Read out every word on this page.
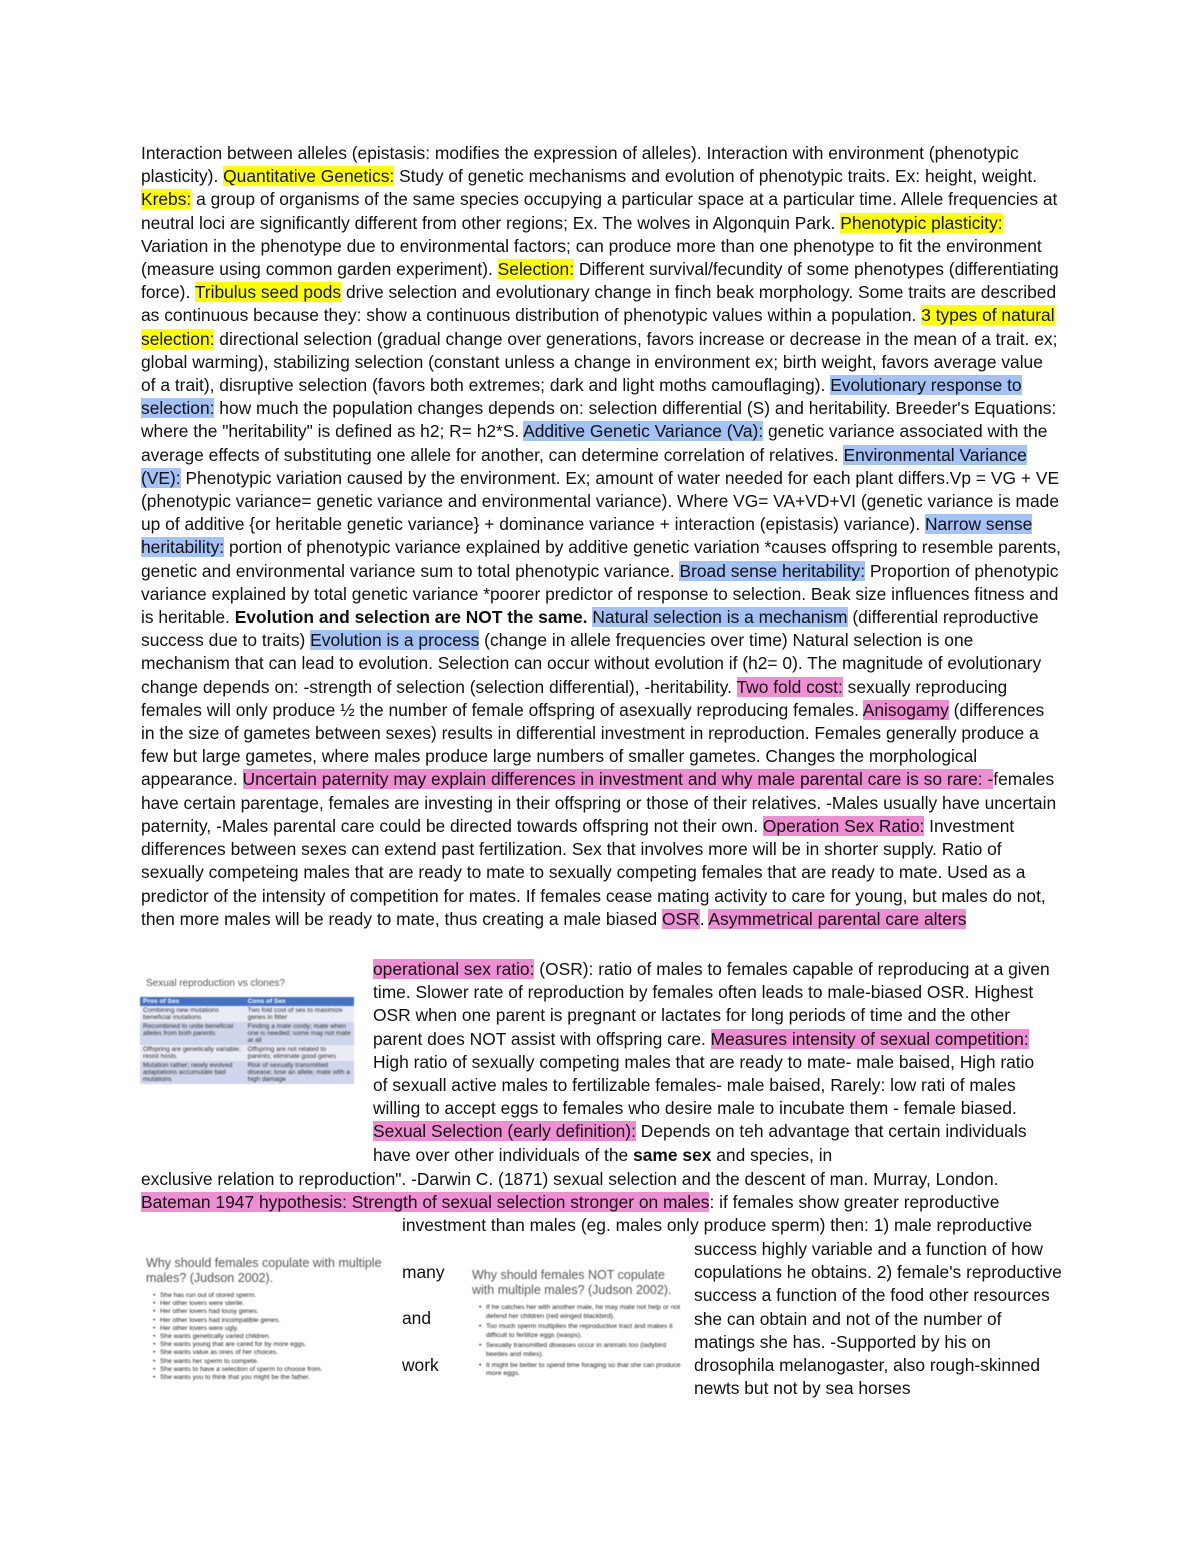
Interaction between alleles (epistasis: modifies the expression of alleles). Interaction with environment (phenotypic plasticity). Quantitative Genetics: Study of genetic mechanisms and evolution of phenotypic traits. Ex: height, weight. Krebs: a group of organisms of the same species occupying a particular space at a particular time. Allele frequencies at neutral loci are significantly different from other regions; Ex. The wolves in Algonquin Park. Phenotypic plasticity: Variation in the phenotype due to environmental factors; can produce more than one phenotype to fit the environment (measure using common garden experiment). Selection: Different survival/fecundity of some phenotypes (differentiating force). Tribulus seed pods drive selection and evolutionary change in finch beak morphology. Some traits are described as continuous because they: show a continuous distribution of phenotypic values within a population. 3 types of natural selection: directional selection (gradual change over generations, favors increase or decrease in the mean of a trait. ex; global warming), stabilizing selection (constant unless a change in environment ex; birth weight, favors average value of a trait), disruptive selection (favors both extremes; dark and light moths camouflaging). Evolutionary response to selection: how much the population changes depends on: selection differential (S) and heritability. Breeder's Equations: where the "heritability" is defined as h2; R= h2*S. Additive Genetic Variance (Va): genetic variance associated with the average effects of substituting one allele for another, can determine correlation of relatives. Environmental Variance (VE): Phenotypic variation caused by the environment. Ex; amount of water needed for each plant differs.Vp = VG + VE (phenotypic variance= genetic variance and environmental variance). Where VG= VA+VD+VI (genetic variance is made up of additive {or heritable genetic variance} + dominance variance + interaction (epistasis) variance). Narrow sense heritability: portion of phenotypic variance explained by additive genetic variation *causes offspring to resemble parents, genetic and environmental variance sum to total phenotypic variance. Broad sense heritability: Proportion of phenotypic variance explained by total genetic variance *poorer predictor of response to selection. Beak size influences fitness and is heritable. Evolution and selection are NOT the same. Natural selection is a mechanism (differential reproductive success due to traits) Evolution is a process (change in allele frequencies over time) Natural selection is one mechanism that can lead to evolution. Selection can occur without evolution if (h2= 0). The magnitude of evolutionary change depends on: -strength of selection (selection differential), -heritability. Two fold cost: sexually reproducing females will only produce ½ the number of female offspring of asexually reproducing females. Anisogamy (differences in the size of gametes between sexes) results in differential investment in reproduction. Females generally produce a few but large gametes, where males produce large numbers of smaller gametes. Changes the morphological appearance. Uncertain paternity may explain differences in investment and why male parental care is so rare: -females have certain parentage, females are investing in their offspring or those of their relatives. -Males usually have uncertain paternity, -Males parental care could be directed towards offspring not their own. Operation Sex Ratio: Investment differences between sexes can extend past fertilization. Sex that involves more will be in shorter supply. Ratio of sexually competeing males that are ready to mate to sexually competing females that are ready to mate. Used as a predictor of the intensity of competition for mates. If females cease mating activity to care for young, but males do not, then more males will be ready to mate, thus creating a male biased OSR. Asymmetrical parental care alters
operational sex ratio: (OSR): ratio of males to females capable of reproducing at a given time. Slower rate of reproduction by females often leads to male-biased OSR. Highest OSR when one parent is pregnant or lactates for long periods of time and the other parent does NOT assist with offspring care. Measures intensity of sexual competition: High ratio of sexually competing males that are ready to mate- male baised, High ratio of sexuall active males to fertilizable females- male baised, Rarely: low rati of males willing to accept eggs to females who desire male to incubate them - female biased. Sexual Selection (early definition): Depends on teh advantage that certain individuals have over other individuals of the same sex and species, in
exclusive relation to reproduction". -Darwin C. (1871) sexual selection and the descent of man. Murray, London. Bateman 1947 hypothesis: Strength of sexual selection stronger on males: if females show greater reproductive
investment than males (eg. males only produce sperm) then: 1) male reproductive
success highly variable and a function of how copulations he obtains. 2) female's reproductive success a function of the food other resources she can obtain and not of the number of matings she has. -Supported by his on drosophila melanogaster, also rough-skinned newts but not by sea horses
many
and
work
Sexual reproduction vs clones?
Pros of Sex	Cons of Sex
Combining new mutations beneficial mutations	Two fold cost of sex to maximize genes in fitter
Recombined to unite beneficial alleles from both parents	Finding a mate costly; mate when one is needed; some may not mate at all
Offspring are genetically variable; resist hosts	Offspring are not related to parents; eliminate good genes
Mutation rather; newly evolved adaptations accumulate bad mutations	Risk of sexually transmitted disease; lose an allele; mate with a high damage
Why should females copulate with multiple males? (Judson 2002).
• She has run out of stored sperm.
• Her other lovers were sterile.
• Her other lovers had lousy genes.
• Her other lovers had incompatible genes.
• Her other lovers were ugly.
• She wants genetically varied children.
• She wants young that are cared for by more eggs.
• She wants value as ones of her choices.
• She wants her sperm to compete.
• She wants to have a selection of sperm to choose from.
• She wants you to think that you might be the father.
Why should females NOT copulate with multiple males? (Judson 2002).
• If he catches her with another male, he may mate not help or not defend her children (red winged blackbird).
• Too much sperm multiplies the reproductive tract and makes it difficult to fertilize eggs (wasps).
• Sexually transmitted diseases occur in animals too (ladybird beetles and mites).
• It might be better to spend time foraging so that she can produce more eggs.
